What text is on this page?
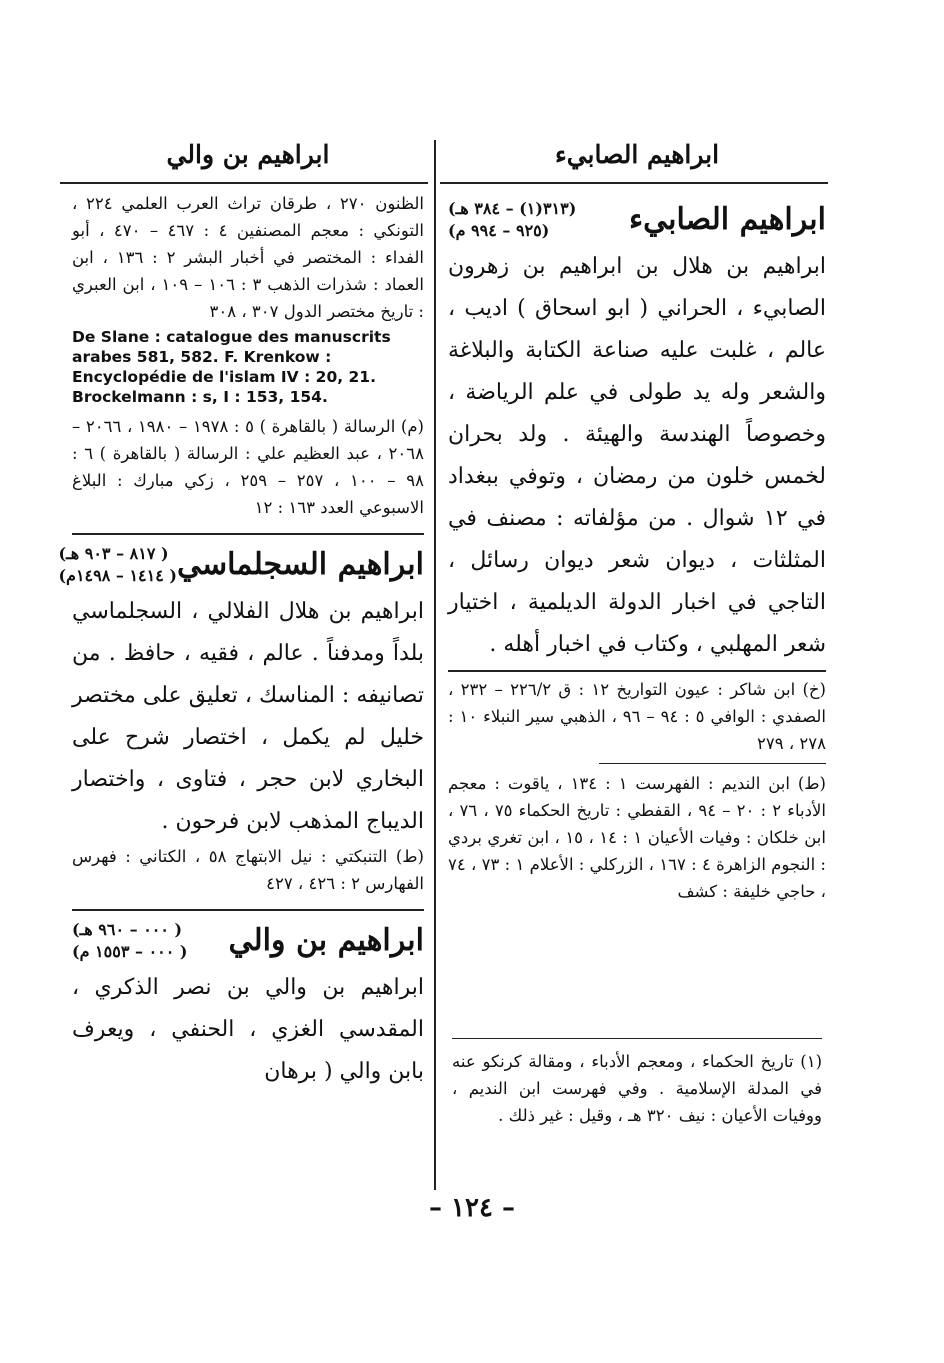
ابراهيم الصابيء
ابراهيم الصابيء
(٣١٣(١) – ٣٨٤ هـ)
(٩٢٥ – ٩٩٤ م)

ابراهيم بن هلال بن ابراهيم بن زهرون الصابيء ، الحراني ( ابو اسحاق ) اديب ، عالم ، غلبت عليه صناعة الكتابة والبلاغة والشعر وله يد طولى في علم الرياضة ، وخصوصاً الهندسة والهيئة . ولد بحران لخمس خلون من رمضان ، وتوفي ببغداد في ١٢ شوال . من مؤلفاته : مصنف في المثلثات ، ديوان شعر ديوان رسائل ، التاجي في اخبار الدولة الديلمية ، اختيار شعر المهلبي ، وكتاب في اخبار أهله .

(خ) ابن شاكر : عيون التواريخ ١٢ : ق ٢٢٦/٢ – ٢٣٢ ، الصفدي : الوافي ٥ : ٩٤ – ٩٦ ، الذهبي سير النبلاء ١٠ : ٢٧٨ ، ٢٧٩

(ط) ابن النديم : الفهرست ١ : ١٣٤ ، ياقوت : معجم الأدباء ٢ : ٢٠ – ٩٤ ، القفطي : تاريخ الحكماء ٧٥ ، ٧٦ ، ابن خلكان : وفيات الأعيان ١ : ١٤ ، ١٥ ، ابن تغري بردي : النجوم الزاهرة ٤ : ١٦٧ ، الزركلي : الأعلام ١ : ٧٣ ، ٧٤ ، حاجي خليفة : كشف

(١) تاريخ الحكماء ، ومعجم الأدباء ، ومقالة كرنكو عنه في المدلة الإسلامية . وفي فهرست ابن النديم ، ووفيات الأعيان : نيف ٣٢٠ هـ ، وقيل : غير ذلك .

ابراهيم بن والي

الظنون ٢٧٠ ، طرقان تراث العرب العلمي ٢٢٤ ، التونكي : معجم المصنفين ٤ : ٤٦٧ – ٤٧٠ ، أبو الفداء : المختصر في أخبار البشر ٢ : ١٣٦ ، ابن العماد : شذرات الذهب ٣ : ١٠٦ – ١٠٩ ، ابن العبري : تاريخ مختصر الدول ٣٠٧ ، ٣٠٨

De Slane : catalogue des manuscrits arabes 581, 582. F. Krenkow : Encyclopédie de l'islam IV : 20, 21. Brockelmann : s, I : 153, 154.

(م) الرسالة ( بالقاهرة ) ٥ : ١٩٧٨ – ١٩٨٠ ، ٢٠٦٦ – ٢٠٦٨ ، عبد العظيم علي : الرسالة ( بالقاهرة ) ٦ : ٩٨ – ١٠٠ ، ٢٥٧ – ٢٥٩ ، زكي مبارك : البلاغ الاسبوعي العدد ١٦٣ : ١٢

ابراهيم السجلماسي
( ٨١٧ – ٩٠٣ هـ)
( ١٤١٤ – ١٤٩٨م)

ابراهيم بن هلال الفلالي ، السجلماسي بلداً ومدفناً . عالم ، فقيه ، حافظ . من تصانيفه : المناسك ، تعليق على مختصر خليل لم يكمل ، اختصار شرح على البخاري لابن حجر ، فتاوى ، واختصار الديباج المذهب لابن فرحون .

(ط) التنبكتي : نيل الابتهاج ٥٨ ، الكتاني : فهرس الفهارس ٢ : ٤٢٦ ، ٤٢٧

ابراهيم بن والي
( ٠٠٠ – ٩٦٠ هـ)
( ٠٠٠ – ١٥٥٣ م)

ابراهيم بن والي بن نصر الذكري ، المقدسي الغزي ، الحنفي ، ويعرف بابن والي ( برهان

– ١٢٤ –
